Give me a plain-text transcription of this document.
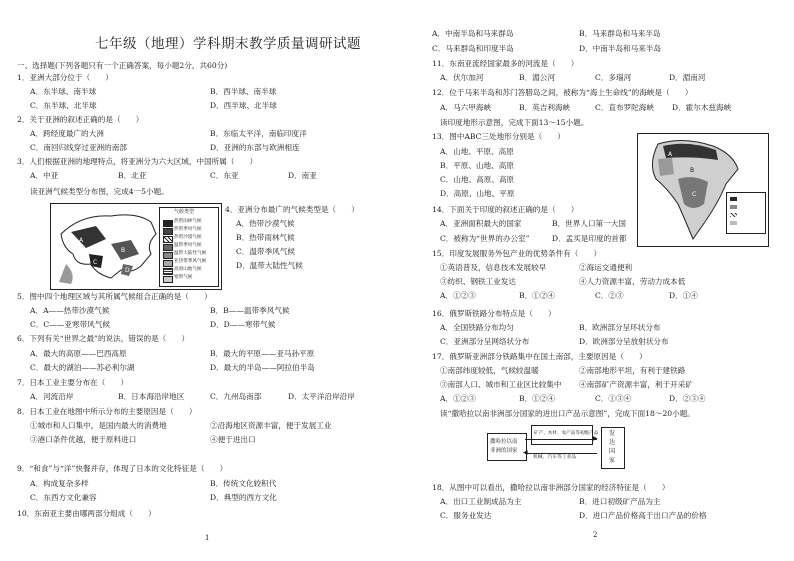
七年级（地理）学科期末教学质量调研试题
一、选择题(下列各题只有一个正确答案，每小题2分，共60分)
1．亚洲大部分位于（　　）
A．东半球、南半球	B．西半球、南半球
C．东半球、北半球	D．西半球、北半球
2．关于亚洲的叙述正确的是（　　）
A．跨经度最广的大洲	B．东临太平洋，南临印度洋
C．南回归线穿过亚洲的南部	D．亚洲的东部与欧洲相连
3．人们根据亚洲的地理特点，将亚洲分为六大区域，中国所属（　　）
A．中亚	B．北亚	C．东亚	D．南亚
读亚洲气候类型分布图，完成4一5小题。
A
B
C
D
气候类型
热带雨林气候
热带季风气候
热带沙漠气候
温带季风气候
温带大陆性气候
亚热带季风气候
高原山地气候
寒带气候
4．亚洲分布最广的气候类型是（　　）
A．热带沙漠气候
B．热带雨林气候
C．温带季风气候
D．温带大陆性气候
5．图中四个地理区域与其所属气候组合正确的是（　　）
A．A——热带沙漠气候	B．B——温带季风气候
C．C——亚寒带风气候	D．D——寒带气候
6．下列有关“世界之最”的说法，错误的是（　　）
A．最大的高原——巴西高原	B．最大的平原——亚马孙平原
C．最大的湖泊——苏必利尔湖	D．最大的半岛——阿拉伯半岛
7．日本工业主要分布在（　　）
A．河流沿岸	B．日本海沿岸地区	C．九州岛南部	D．太平洋沿岸沿岸
8．日本工业在地图中所示分布的主要原因是（　　）
①城市和人口集中，是国内最大的消费地	②沿海地区资源丰富，便于发展工业
③港口条件优越，便于原料进口	④便于进出口
9．“和食”与“洋”快餐并存，体现了日本的文化特征是（　　）
A．构成复杂多样	B．传统文化较积代
C．东西方文化兼容	D．典型的西方文化
10．东南亚主要由哪两部分组成（　　）
1
A．中南半岛和马来群岛	B．马来群岛和马来半岛
C．马来群岛和印度半岛	D．中南半岛和马来半岛
11．东南亚流经国家最多的河流是（　　）
A．伏尔加河	B．湄公河	C．多瑙河	D．湄南河
12．位于马来半岛和苏门答腊岛之间，被称为“海上生命线”的海峡是（　　）
A．马六甲海峡	B．英吉利海峡	C．直布罗陀海峡 D．霍尔木兹海峡
读印度地形示意图，完成下面13～15小题。
13．图中ABC三处地形分别是（　　）
A．山地、平原、高原
B．平原、山地、高原
C．山地、高原、高原
D．高原、山地、平原
A
B
C
14．下面关于印度的叙述正确的是（　　）
A．亚洲面积最大的国家	B．世界人口第一大国
C．被称为“世界的办公室”	D．孟买是印度的首都
15．印度发展服务外包产业的优势条件有（　　）
①英语普及，信息技术发展较早	②海运交通便利
③纺织、钢铁工业发达	④人力资源丰富，劳动力成本低
A．①②③	B．①②④	C．②③	D．①④
16．俄罗斯铁路分布特点是（　　）
A．全国铁路分布均匀	B．欧洲部分呈环状分布
C．亚洲部分呈网络状分布	D．欧洲部分呈放射状分布
17．俄罗斯亚洲部分铁路集中在国土南部，主要原因是（　　）
①南部纬度较低，气候较温暖	②南部地形平坦，有利于建铁路
③南部人口、城市和工业区比较集中 ④南部矿产资源丰富，利于开采矿
A．①②③	B．①②④	C．①③④	D．②③④
读“撒哈拉以南非洲部分国家的进出口产品示意图”，完成下面18～20小题。
撒哈拉以南
非洲的国家
矿产、木材、农产品等初级产品
▶
◀
机械、汽车等工业品
发
达
国
家
18．从图中可以看出，撒哈拉以南非洲部分国家的经济特征是（　　）
A．出口工业制成品为主	B．进口初级矿产品为主
C．服务业发达	D．进口产品价格高于出口产品的价格
2
